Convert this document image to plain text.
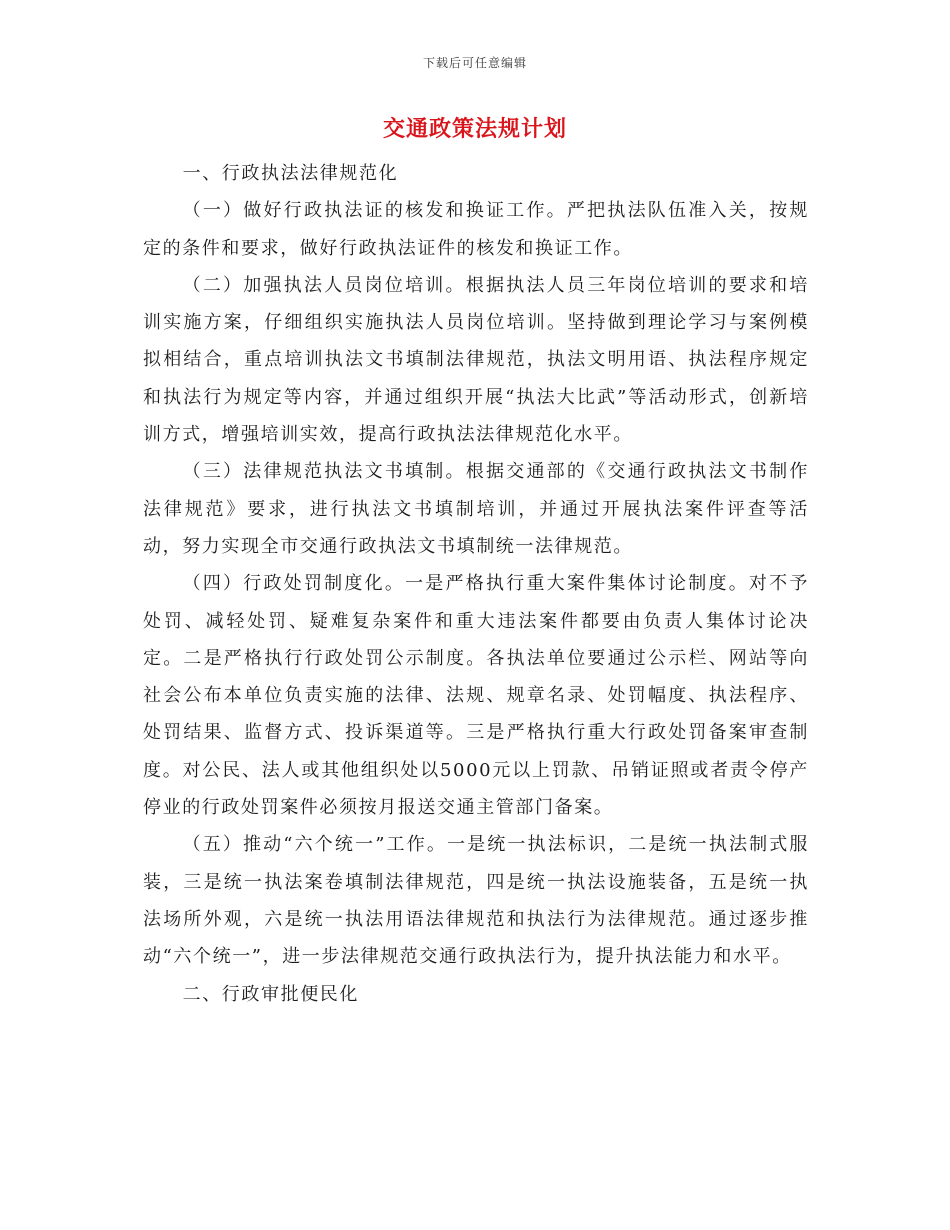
下载后可任意编辑
交通政策法规计划

一、行政执法法律规范化

（一）做好行政执法证的核发和换证工作。严把执法队伍准入关，按规定的条件和要求，做好行政执法证件的核发和换证工作。

（二）加强执法人员岗位培训。根据执法人员三年岗位培训的要求和培训实施方案，仔细组织实施执法人员岗位培训。坚持做到理论学习与案例模拟相结合，重点培训执法文书填制法律规范，执法文明用语、执法程序规定和执法行为规定等内容，并通过组织开展“执法大比武”等活动形式，创新培训方式，增强培训实效，提高行政执法法律规范化水平。

（三）法律规范执法文书填制。根据交通部的《交通行政执法文书制作法律规范》要求，进行执法文书填制培训，并通过开展执法案件评查等活动，努力实现全市交通行政执法文书填制统一法律规范。

（四）行政处罚制度化。一是严格执行重大案件集体讨论制度。对不予处罚、减轻处罚、疑难复杂案件和重大违法案件都要由负责人集体讨论决定。二是严格执行行政处罚公示制度。各执法单位要通过公示栏、网站等向社会公布本单位负责实施的法律、法规、规章名录、处罚幅度、执法程序、处罚结果、监督方式、投诉渠道等。三是严格执行重大行政处罚备案审查制度。对公民、法人或其他组织处以5000元以上罚款、吊销证照或者责令停产停业的行政处罚案件必须按月报送交通主管部门备案。

（五）推动“六个统一”工作。一是统一执法标识，二是统一执法制式服装，三是统一执法案卷填制法律规范，四是统一执法设施装备，五是统一执法场所外观，六是统一执法用语法律规范和执法行为法律规范。通过逐步推动“六个统一”，进一步法律规范交通行政执法行为，提升执法能力和水平。

二、行政审批便民化
